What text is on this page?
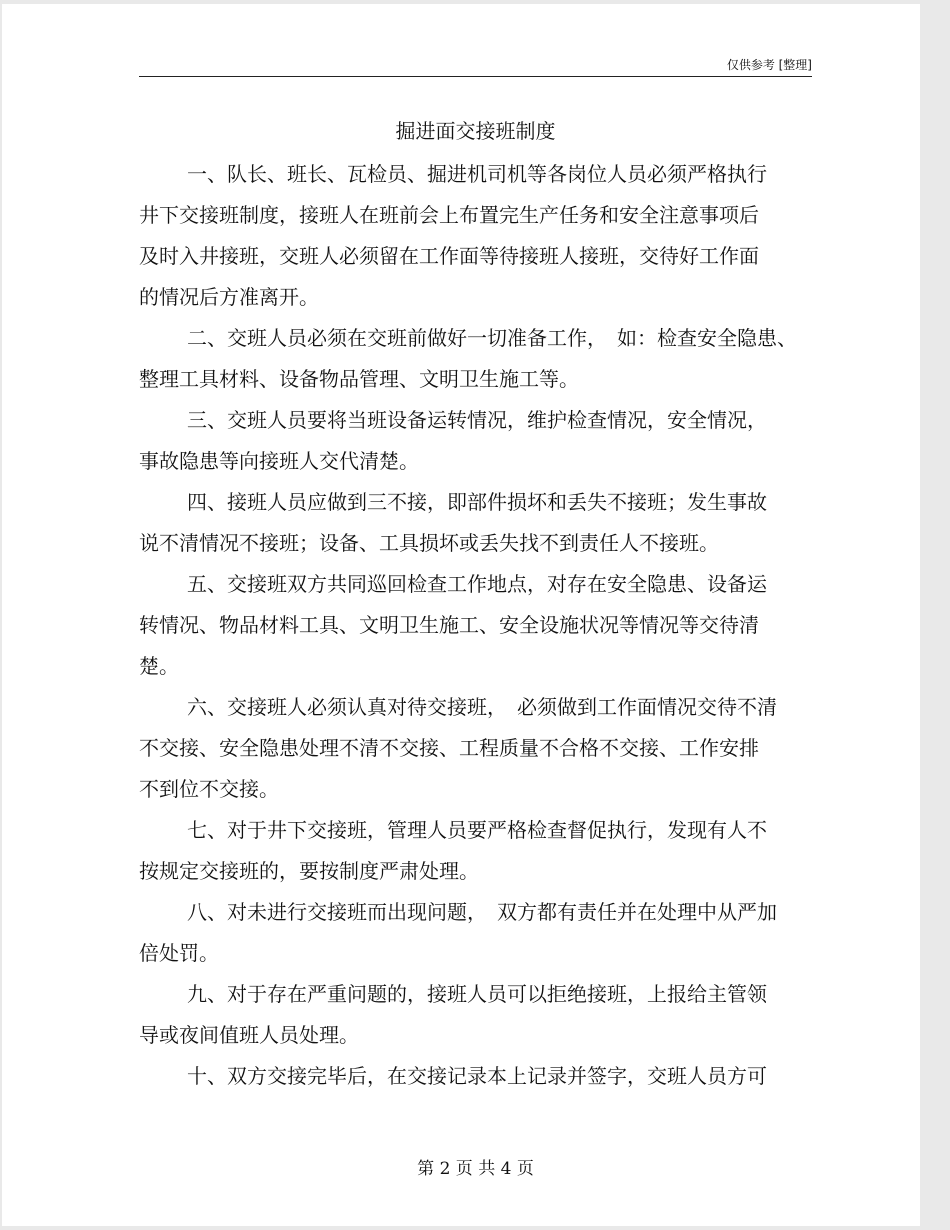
仅供参考 [整理]
掘进面交接班制度
一、队长、班长、瓦检员、掘进机司机等各岗位人员必须严格执行
井下交接班制度，接班人在班前会上布置完生产任务和安全注意事项后
及时入井接班，交班人必须留在工作面等待接班人接班，交待好工作面
的情况后方准离开。
二、交班人员必须在交班前做好一切准备工作，　如：检查安全隐患、
整理工具材料、设备物品管理、文明卫生施工等。
三、交班人员要将当班设备运转情况，维护检查情况，安全情况，
事故隐患等向接班人交代清楚。
四、接班人员应做到三不接，即部件损坏和丢失不接班；发生事故
说不清情况不接班；设备、工具损坏或丢失找不到责任人不接班。
五、交接班双方共同巡回检查工作地点，对存在安全隐患、设备运
转情况、物品材料工具、文明卫生施工、安全设施状况等情况等交待清
楚。
六、交接班人必须认真对待交接班，　必须做到工作面情况交待不清
不交接、安全隐患处理不清不交接、工程质量不合格不交接、工作安排
不到位不交接。
七、对于井下交接班，管理人员要严格检查督促执行，发现有人不
按规定交接班的，要按制度严肃处理。
八、对未进行交接班而出现问题，　双方都有责任并在处理中从严加
倍处罚。
九、对于存在严重问题的，接班人员可以拒绝接班，上报给主管领
导或夜间值班人员处理。
十、双方交接完毕后，在交接记录本上记录并签字，交班人员方可
第 2 页 共 4 页
